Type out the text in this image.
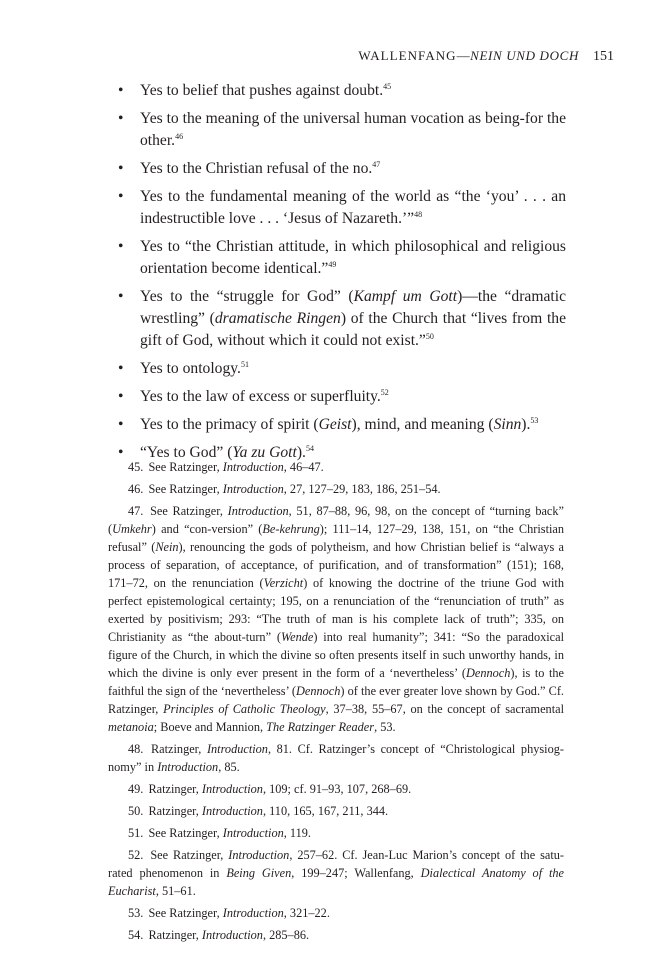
WALLENFANG—NEIN UND DOCH 151
• Yes to belief that pushes against doubt.$^{45}$
• Yes to the meaning of the universal human vocation as being-for the other.$^{46}$
• Yes to the Christian refusal of the no.$^{47}$
• Yes to the fundamental meaning of the world as “the ‘you’ . . . an indestructible love . . . ‘Jesus of Nazareth.’”$^{48}$
• Yes to “the Christian attitude, in which philosophical and religious orientation become identical.”$^{49}$
• Yes to the “struggle for God” (Kampf um Gott)—the “dramatic wrestling” (dramatische Ringen) of the Church that “lives from the gift of God, without which it could not exist.”$^{50}$
• Yes to ontology.$^{51}$
• Yes to the law of excess or superfluity.$^{52}$
• Yes to the primacy of spirit (Geist), mind, and meaning (Sinn).$^{53}$
• “Yes to God” (Ya zu Gott).$^{54}$
45. See Ratzinger, Introduction, 46–47.
46. See Ratzinger, Introduction, 27, 127–29, 183, 186, 251–54.
47. See Ratzinger, Introduction, 51, 87–88, 96, 98, on the concept of “turning back” (Umkehr) and “con-version” (Be-kehrung); 111–14, 127–29, 138, 151, on “the Christian refusal” (Nein), renouncing the gods of polytheism, and how Christian belief is “always a process of separation, of acceptance, of purification, and of transformation” (151); 168, 171–72, on the renunciation (Verzicht) of knowing the doctrine of the triune God with perfect epistemological certainty; 195, on a renunciation of the “renunciation of truth” as exerted by positivism; 293: “The truth of man is his complete lack of truth”; 335, on Christianity as “the about-turn” (Wende) into real humanity”; 341: “So the paradoxical figure of the Church, in which the divine so often presents itself in such unworthy hands, in which the divine is only ever present in the form of a ‘nevertheless’ (Dennoch), is to the faithful the sign of the ‘nevertheless’ (Dennoch) of the ever greater love shown by God.” Cf. Ratzinger, Principles of Catholic Theology, 37–38, 55–67, on the concept of sacramental metanoia; Boeve and Mannion, The Ratzinger Reader, 53.
48. Ratzinger, Introduction, 81. Cf. Ratzinger’s concept of “Christological physiognomy” in Introduction, 85.
49. Ratzinger, Introduction, 109; cf. 91–93, 107, 268–69.
50. Ratzinger, Introduction, 110, 165, 167, 211, 344.
51. See Ratzinger, Introduction, 119.
52. See Ratzinger, Introduction, 257–62. Cf. Jean-Luc Marion’s concept of the saturated phenomenon in Being Given, 199–247; Wallenfang, Dialectical Anatomy of the Eucharist, 51–61.
53. See Ratzinger, Introduction, 321–22.
54. Ratzinger, Introduction, 285–86.
